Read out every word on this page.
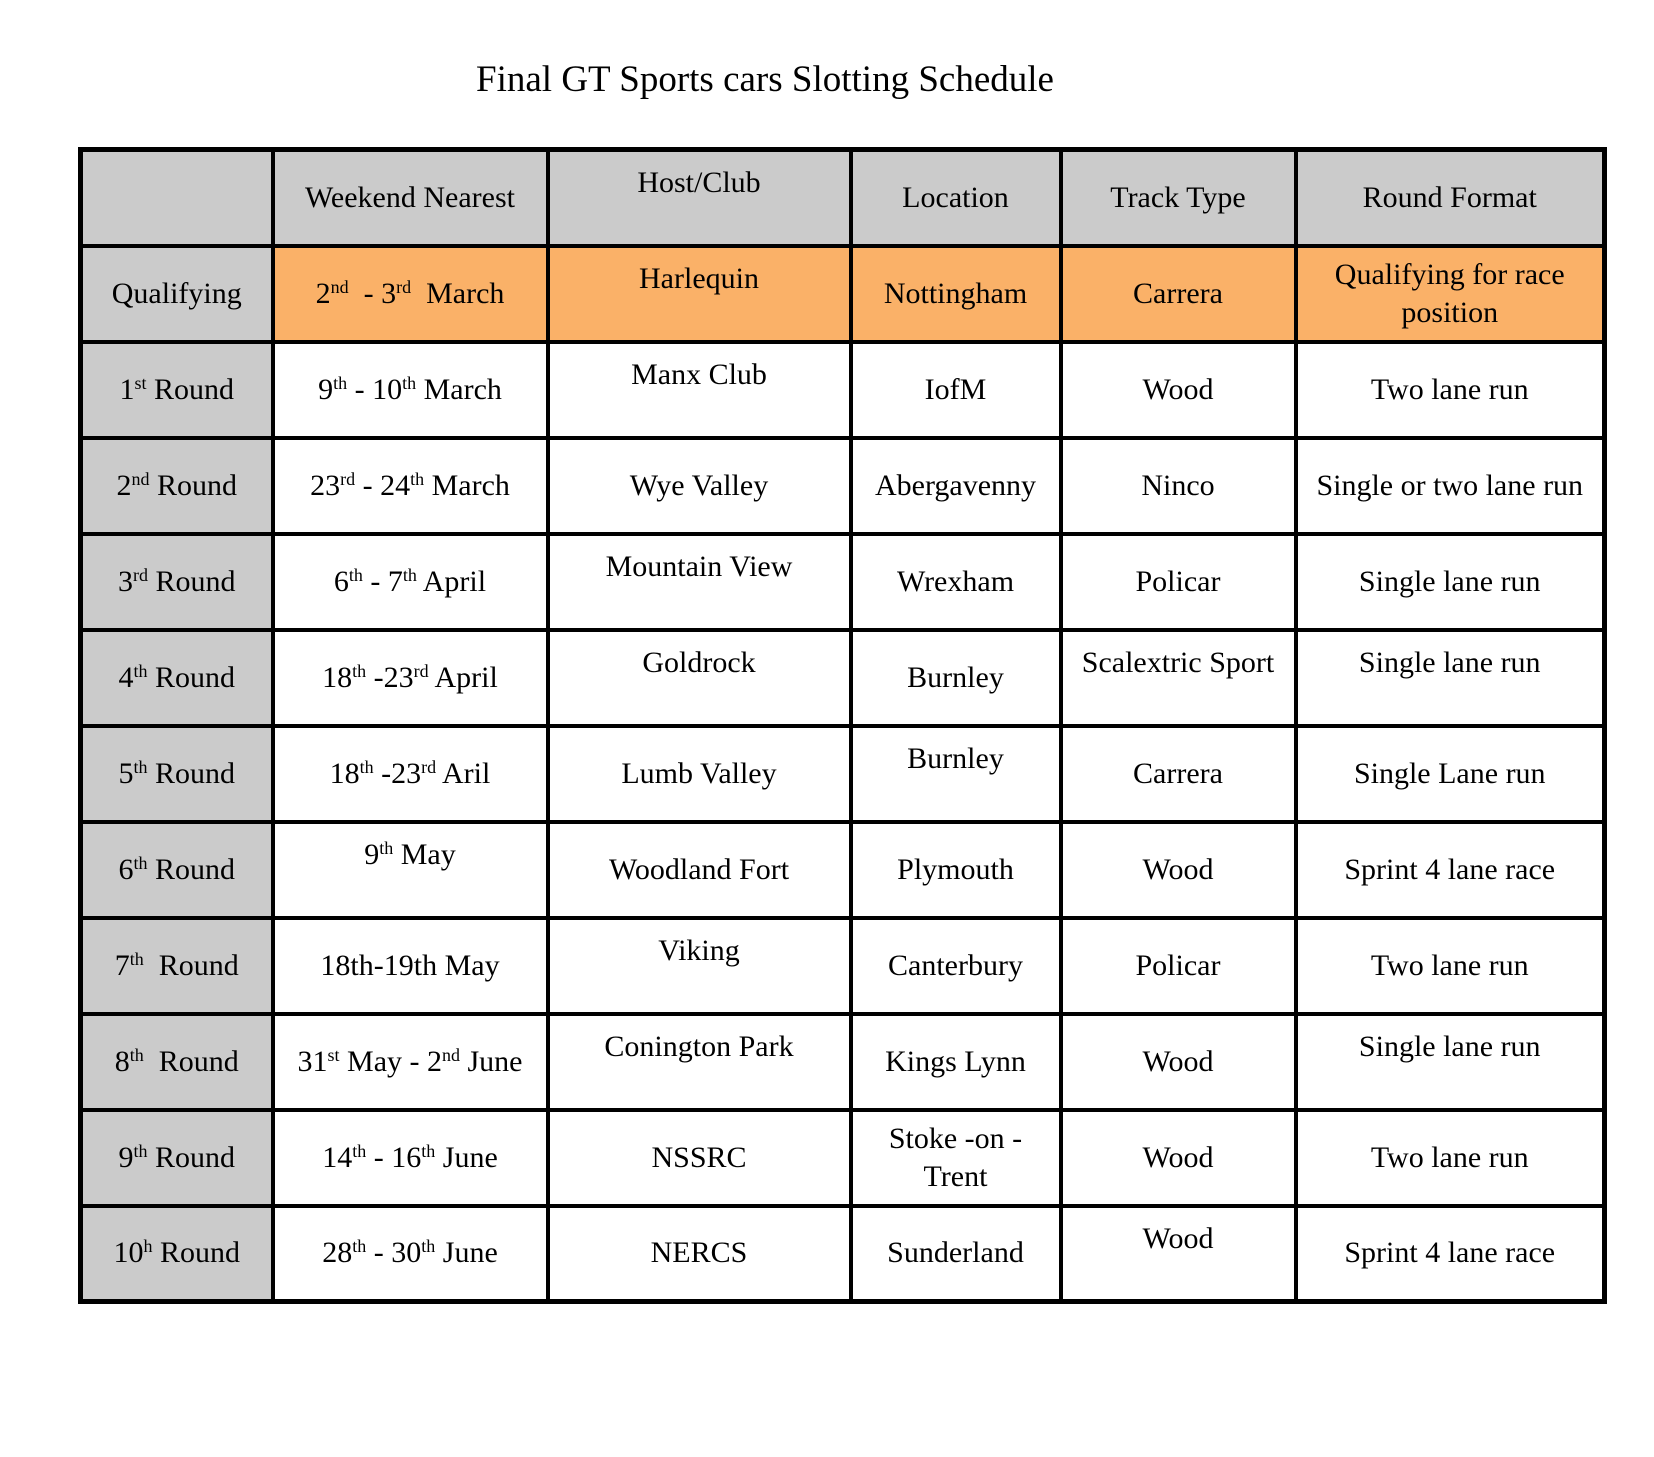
Final GT Sports cars Slotting Schedule
	Weekend Nearest	Host/Club	Location	Track Type	Round Format
Qualifying	2nd  - 3rd  March	Harlequin	Nottingham	Carrera	Qualifying for race position
1st Round	9th - 10th March	Manx Club	IofM	Wood	Two lane run
2nd Round	23rd - 24th March	Wye Valley	Abergavenny	Ninco	Single or two lane run
3rd Round	6th - 7th April	Mountain View	Wrexham	Policar	Single lane run
4th Round	18th -23rd April	Goldrock	Burnley	Scalextric Sport	Single lane run
5th Round	18th -23rd Aril	Lumb Valley	Burnley	Carrera	Single Lane run
6th Round	9th May	Woodland Fort	Plymouth	Wood	Sprint 4 lane race
7th  Round	18th-19th May	Viking	Canterbury	Policar	Two lane run
8th  Round	31st May - 2nd June	Conington Park	Kings Lynn	Wood	Single lane run
9th Round	14th - 16th June	NSSRC	Stoke -on - Trent	Wood	Two lane run
10$^h$ Round	28th - 30th June	NERCS	Sunderland	Wood	Sprint 4 lane race
